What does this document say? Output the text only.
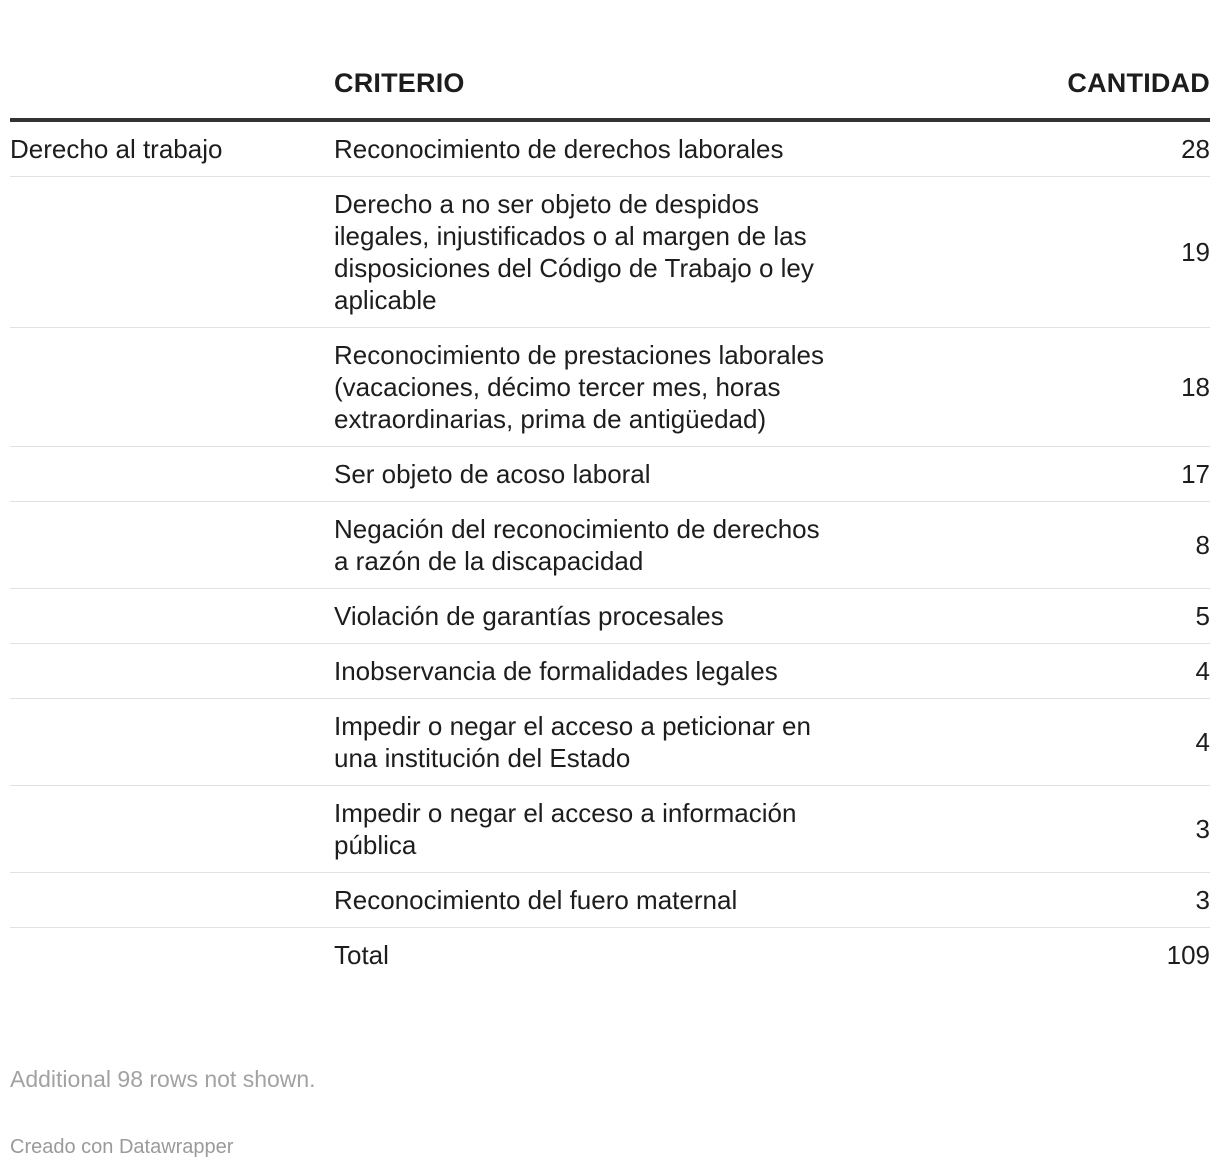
	CRITERIO	CANTIDAD
Derecho al trabajo	Reconocimiento de derechos laborales	28
	Derecho a no ser objeto de despidos ilegales, injustificados o al margen de las disposiciones del Código de Trabajo o ley aplicable	19
	Reconocimiento de prestaciones laborales (vacaciones, décimo tercer mes, horas extraordinarias, prima de antigüedad)	18
	Ser objeto de acoso laboral	17
	Negación del reconocimiento de derechos a razón de la discapacidad	8
	Violación de garantías procesales	5
	Inobservancia de formalidades legales	4
	Impedir o negar el acceso a peticionar en una institución del Estado	4
	Impedir o negar el acceso a información pública	3
	Reconocimiento del fuero maternal	3
	Total	109
Additional 98 rows not shown.
Creado con Datawrapper
